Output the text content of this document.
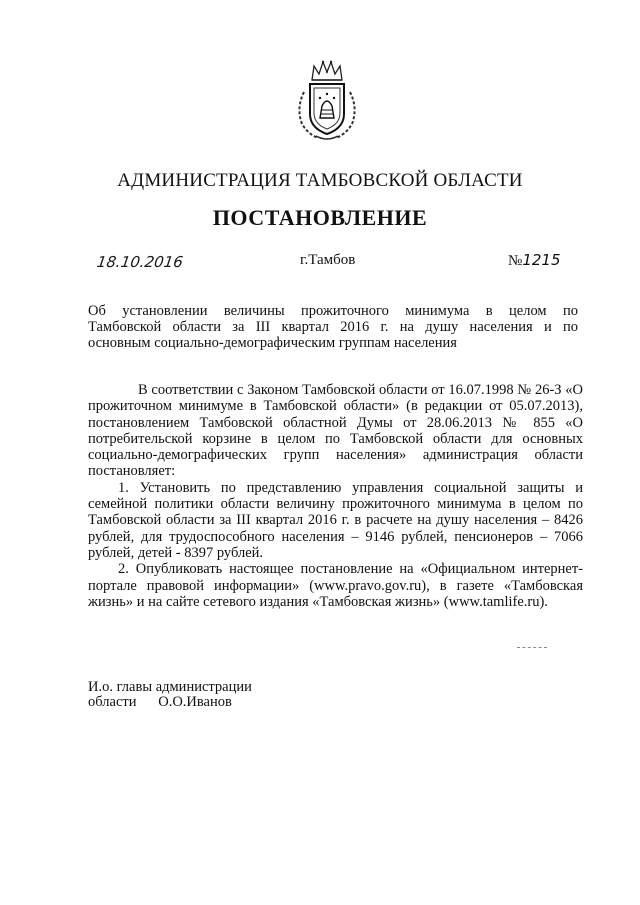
АДМИНИСТРАЦИЯ ТАМБОВСКОЙ ОБЛАСТИ
ПОСТАНОВЛЕНИЕ
18.10.2016	г.Тамбов	№1215
Об установлении величины прожиточного минимума в целом по
Тамбовской области за III квартал 2016 г. на душу населения и по
основным социально-демографическим группам населения

В соответствии с Законом Тамбовской области от 16.07.1998 № 26-З «О прожиточном минимуме в Тамбовской области» (в редакции от 05.07.2013), постановлением Тамбовской областной Думы от 28.06.2013 № 855 «О потребительской корзине в целом по Тамбовской области для основных социально-демографических групп населения» администрация области постановляет:

1. Установить по представлению управления социальной защиты и семейной политики области величину прожиточного минимума в целом по Тамбовской области за III квартал 2016 г. в расчете на душу населения – 8426 рублей, для трудоспособного населения – 9146 рублей, пенсионеров – 7066 рублей, детей - 8397 рублей.

2. Опубликовать настоящее постановление на «Официальном интернет-портале правовой информации» (www.pravo.gov.ru), в газете «Тамбовская жизнь» и на сайте сетевого издания «Тамбовская жизнь» (www.tamlife.ru).

И.о. главы администрации
области О.О.Иванов
